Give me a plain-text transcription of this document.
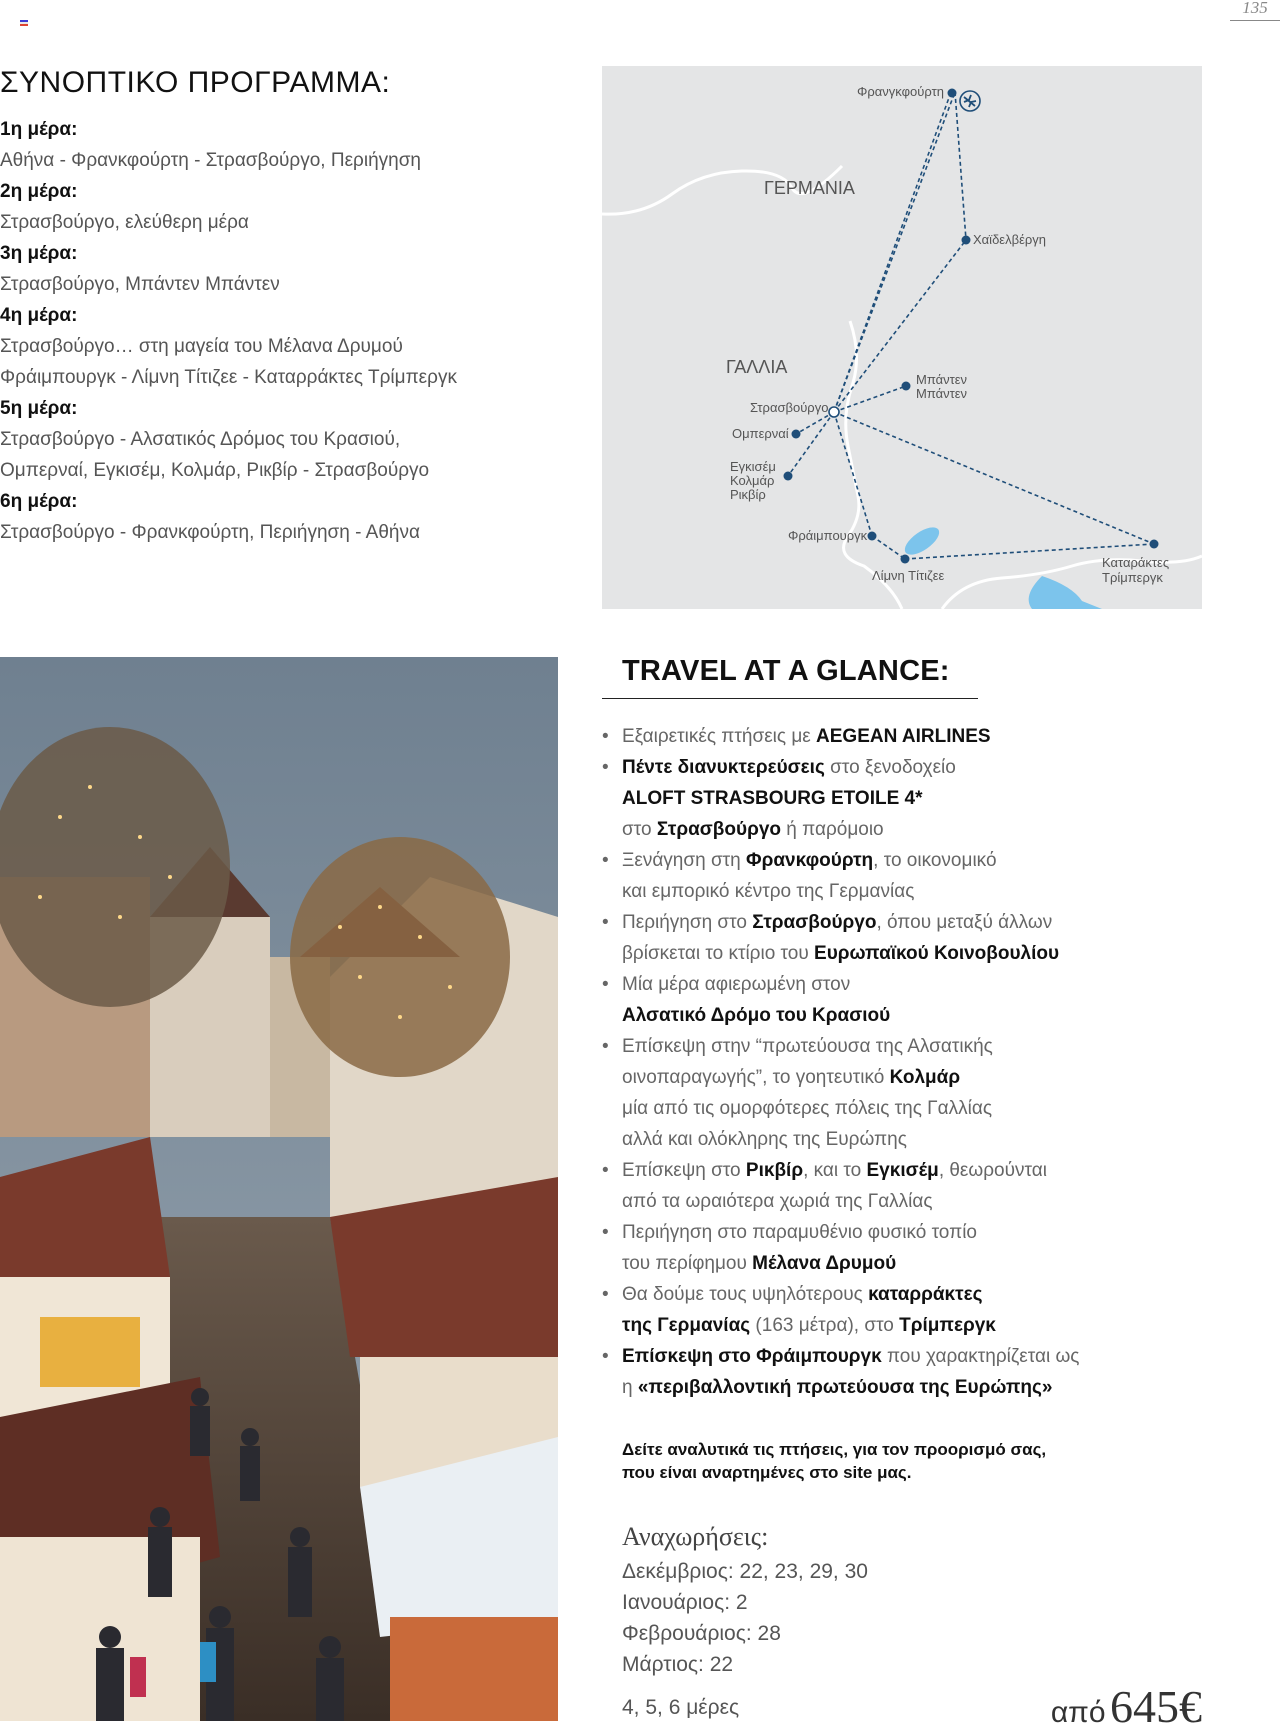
135
ΣΥΝΟΠΤΙΚΟ ΠΡΟΓΡΑΜΜΑ:
1η μέρα:
Αθήνα - Φρανκφούρτη - Στρασβούργο, Περιήγηση
2η μέρα:
Στρασβούργο, ελεύθερη μέρα
3η μέρα:
Στρασβούργο, Μπάντεν Μπάντεν
4η μέρα:
Στρασβούργο… στη μαγεία του Μέλανα Δρυμού
Φράιμπουργκ - Λίμνη Τίτιζεε - Καταρράκτες Τρίμπεργκ
5η μέρα:
Στρασβούργο - Αλσατικός Δρόμος του Κρασιού,
Ομπερναί, Εγκισέμ, Κολμάρ, Ριкβίρ - Στρασβούργο
6η μέρα:
Στρασβούργο - Φρανκφούρτη, Περιήγηση - Αθήνα
ΓΕΡΜΑΝΙΑ
ΓΑΛΛΙΑ
Φρανγκφούρτη
Χαϊδελβέργη
Μπάντεν
Μπάντεν
Στρασβούργο
Ομπερναί
Εγκισέμ
Κολμάρ
Ρικβίρ
Φράιμπουργκ
Λίμνη Τίτιζεε
Καταράκτες
Τρίμπεργκ
TRAVEL AT A GLANCE:
• Εξαιρετικές πτήσεις με AEGEAN AIRLINES
• Πέντε διανυκτερεύσεις στο ξενοδοχείο
ALOFT STRASBOURG ETOILE 4*
στο Στρασβούργο ή παρόμοιο
• Ξενάγηση στη Φρανκφούρτη, το οικονομικό
και εμπορικό κέντρο της Γερμανίας
• Περιήγηση στο Στρασβούργο, όπου μεταξύ άλλων
βρίσκεται το κτίριο του Ευρωπαϊκού Κοινοβουλίου
• Μία μέρα αφιερωμένη στον
Αλσατικό Δρόμο του Κρασιού
• Επίσκεψη στην “πρωτεύουσα της Αλσατικής
οινοπαραγωγής”, το γοητευτικό Κολμάρ
μία από τις ομορφότερες πόλεις της Γαλλίας
αλλά και ολόκληρης της Ευρώπης
• Επίσκεψη στο Ρικβίρ, και το Εγκισέμ, θεωρούνται
από τα ωραιότερα χωριά της Γαλλίας
• Περιήγηση στο παραμυθένιο φυσικό τοπίο
του περίφημου Μέλανα Δρυμού
• Θα δούμε τους υψηλότερους καταρράκτες
της Γερμανίας (163 μέτρα), στο Τρίμπεργκ
• Επίσκεψη στο Φράιμπουργκ που χαρακτηρίζεται ως
η «περιβαλλοντική πρωτεύουσα της Ευρώπης»
Δείτε αναλυτικά τις πτήσεις, για τον προορισμό σας,
που είναι αναρτημένες στο site μας.
Αναχωρήσεις:
Δεκέμβριος: 22, 23, 29, 30
Ιανουάριος: 2
Φεβρουάριος: 28
Μάρτιος: 22
4, 5, 6 μέρες	από 645€
